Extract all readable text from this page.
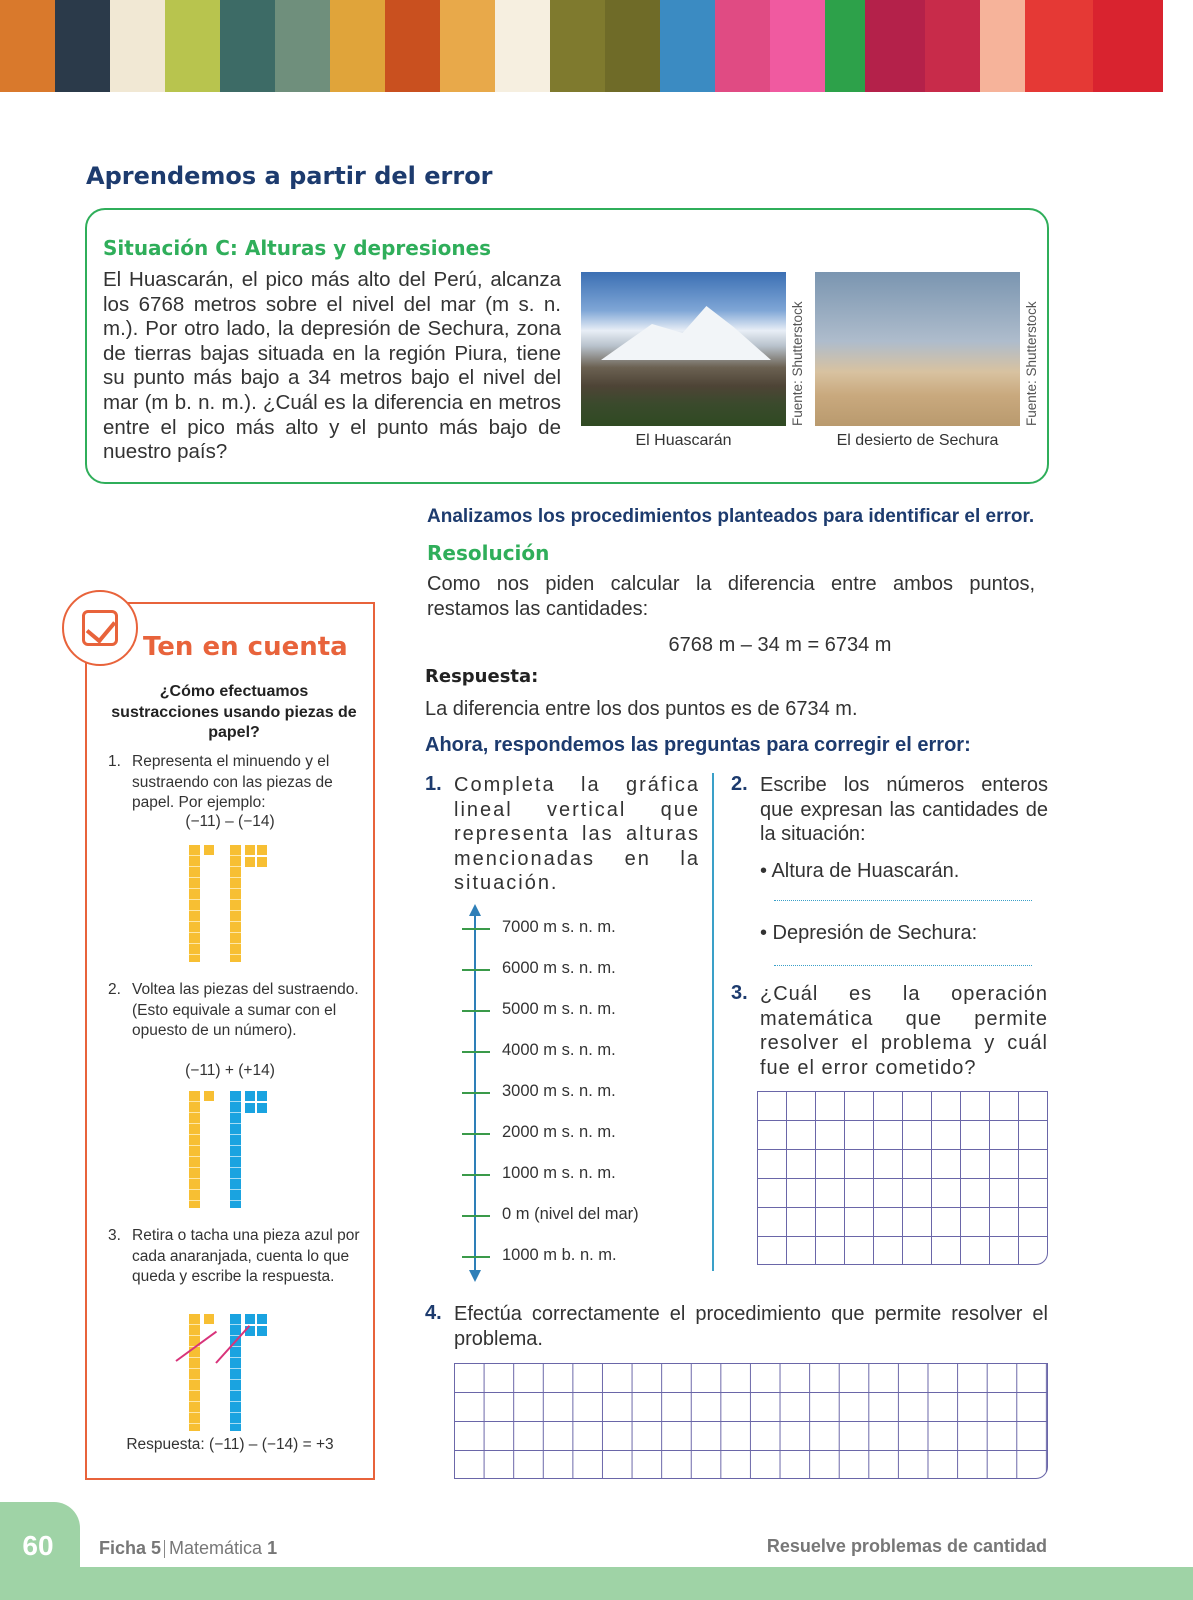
Aprendemos a partir del error
Situación C: Alturas y depresiones
El Huascarán, el pico más alto del Perú, alcanza los 6768 metros sobre el nivel del mar (m s. n. m.). Por otro lado, la depresión de Sechura, zona de tierras bajas situada en la región Piura, tiene su punto más bajo a 34 metros bajo el nivel del mar (m b. n. m.). ¿Cuál es la diferencia en metros entre el pico más alto y el punto más bajo de nuestro país?
Fuente: Shutterstock
El Huascarán
Fuente: Shutterstock
El desierto de Sechura
Analizamos los procedimientos planteados para identificar el error.
Resolución
Como nos piden calcular la diferencia entre ambos puntos, restamos las cantidades:
6768 m – 34 m = 6734 m
Respuesta:
La diferencia entre los dos puntos es de 6734 m.
Ahora, respondemos las preguntas para corregir el error:
1. Completa la gráfica lineal vertical que representa las alturas mencionadas en la situación.
7000 m s. n. m.
6000 m s. n. m.
5000 m s. n. m.
4000 m s. n. m.
3000 m s. n. m.
2000 m s. n. m.
1000 m s. n. m.
0 m (nivel del mar)
1000 m b. n. m.
2. Escribe los números enteros que expresan las cantidades de la situación:
• Altura de Huascarán.
• Depresión de Sechura:
3. ¿Cuál es la operación matemática que permite resolver el problema y cuál fue el error cometido?
4. Efectúa correctamente el procedimiento que permite resolver el problema.
Ten en cuenta
¿Cómo efectuamos sustracciones usando piezas de papel?
1. Representa el minuendo y el sustraendo con las piezas de papel. Por ejemplo:
(−11) – (−14)
2. Voltea las piezas del sustraendo. (Esto equivale a sumar con el opuesto de un número).
(−11) + (+14)
3. Retira o tacha una pieza azul por cada anaranjada, cuenta lo que queda y escribe la respuesta.
Respuesta: (−11) – (−14) = +3
60	Ficha 5 Matemática 1	Resuelve problemas de cantidad
